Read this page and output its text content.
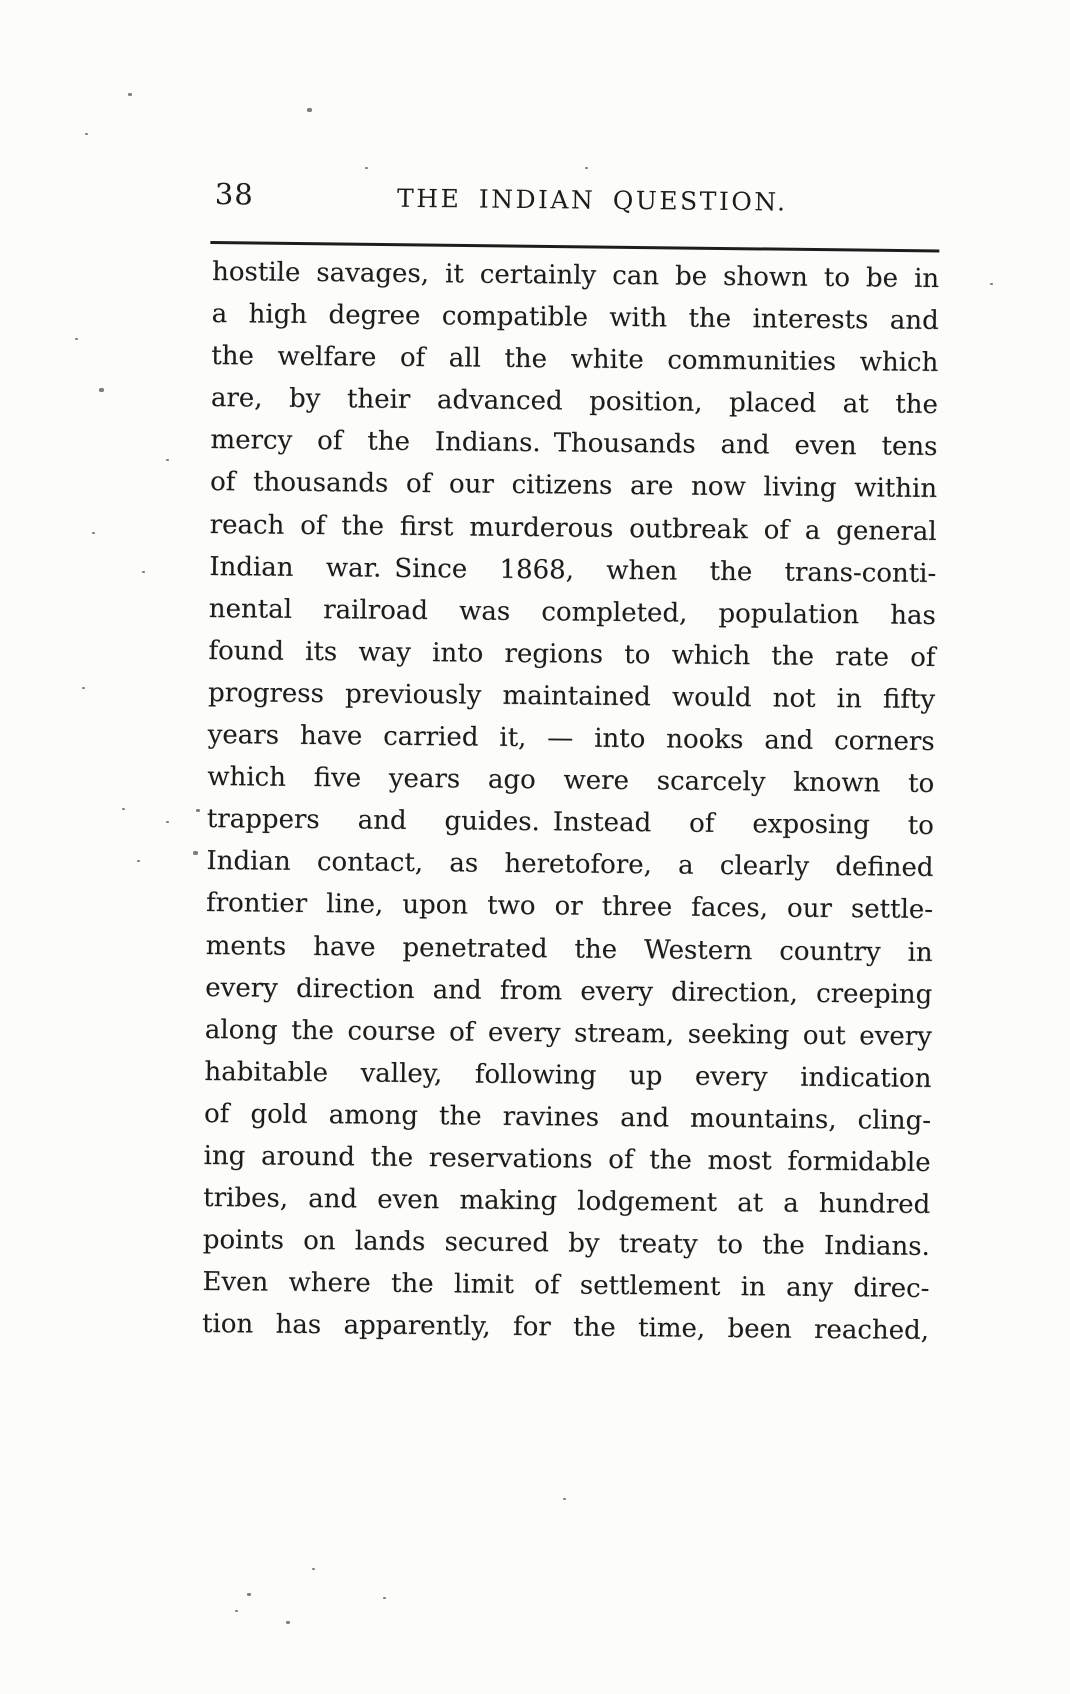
38	THE INDIAN QUESTION.
hostile savages, it certainly can be shown to be in
a high degree compatible with the interests and
the welfare of all the white communities which
are, by their advanced position, placed at the
mercy of the Indians. Thousands and even tens
of thousands of our citizens are now living within
reach of the first murderous outbreak of a general
Indian war. Since 1868, when the trans-conti-
nental railroad was completed, population has
found its way into regions to which the rate of
progress previously maintained would not in fifty
years have carried it, — into nooks and corners
which five years ago were scarcely known to
trappers and guides. Instead of exposing to
Indian contact, as heretofore, a clearly defined
frontier line, upon two or three faces, our settle-
ments have penetrated the Western country in
every direction and from every direction, creeping
along the course of every stream, seeking out every
habitable valley, following up every indication
of gold among the ravines and mountains, cling-
ing around the reservations of the most formidable
tribes, and even making lodgement at a hundred
points on lands secured by treaty to the Indians.
Even where the limit of settlement in any direc-
tion has apparently, for the time, been reached,
